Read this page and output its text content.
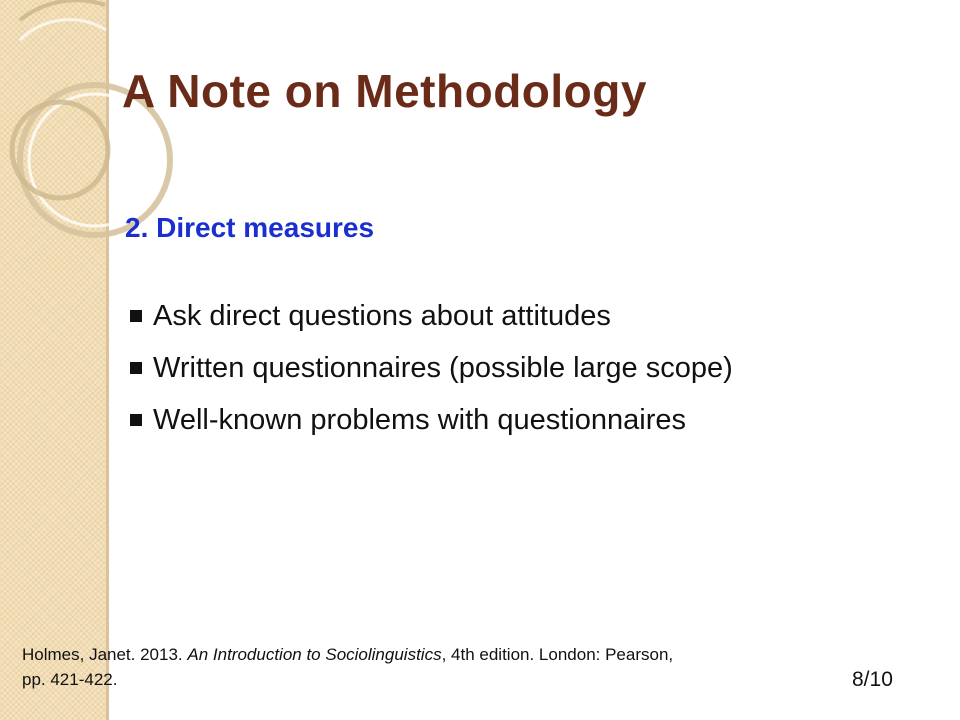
A Note on Methodology
2. Direct measures
Ask direct questions about attitudes
Written questionnaires (possible large scope)
Well-known problems with questionnaires

Holmes, Janet. 2013. An Introduction to Sociolinguistics, 4th edition. London: Pearson,
pp. 421-422.	8/10
